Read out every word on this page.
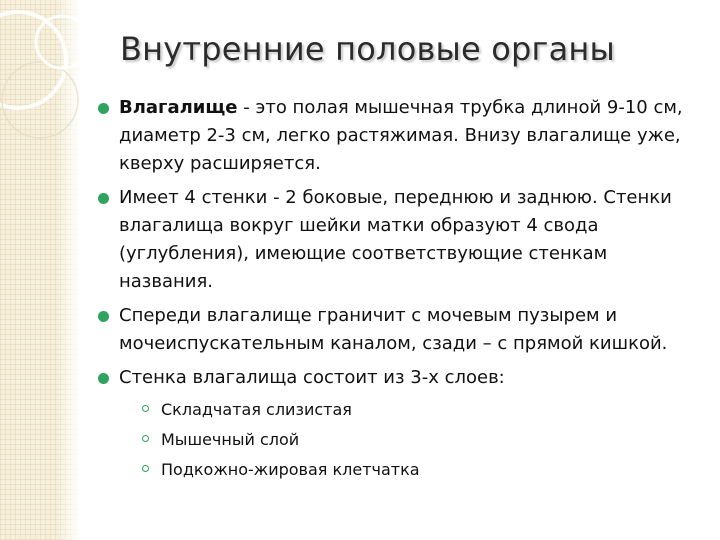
Внутренние половые органы
Влагалище - это полая мышечная трубка длиной 9-10 см, диаметр 2-3 см, легко растяжимая. Внизу влагалище уже, кверху расширяется.
Имеет 4 стенки - 2 боковые, переднюю и заднюю. Стенки влагалища вокруг шейки матки образуют 4 свода (углубления), имеющие соответствующие стенкам названия.
Спереди влагалище граничит с мочевым пузырем и мочеиспускательным каналом, сзади – с прямой кишкой.
Стенка влагалища состоит из 3-х слоев:
Складчатая слизистая
Мышечный слой
Подкожно-жировая клетчатка
